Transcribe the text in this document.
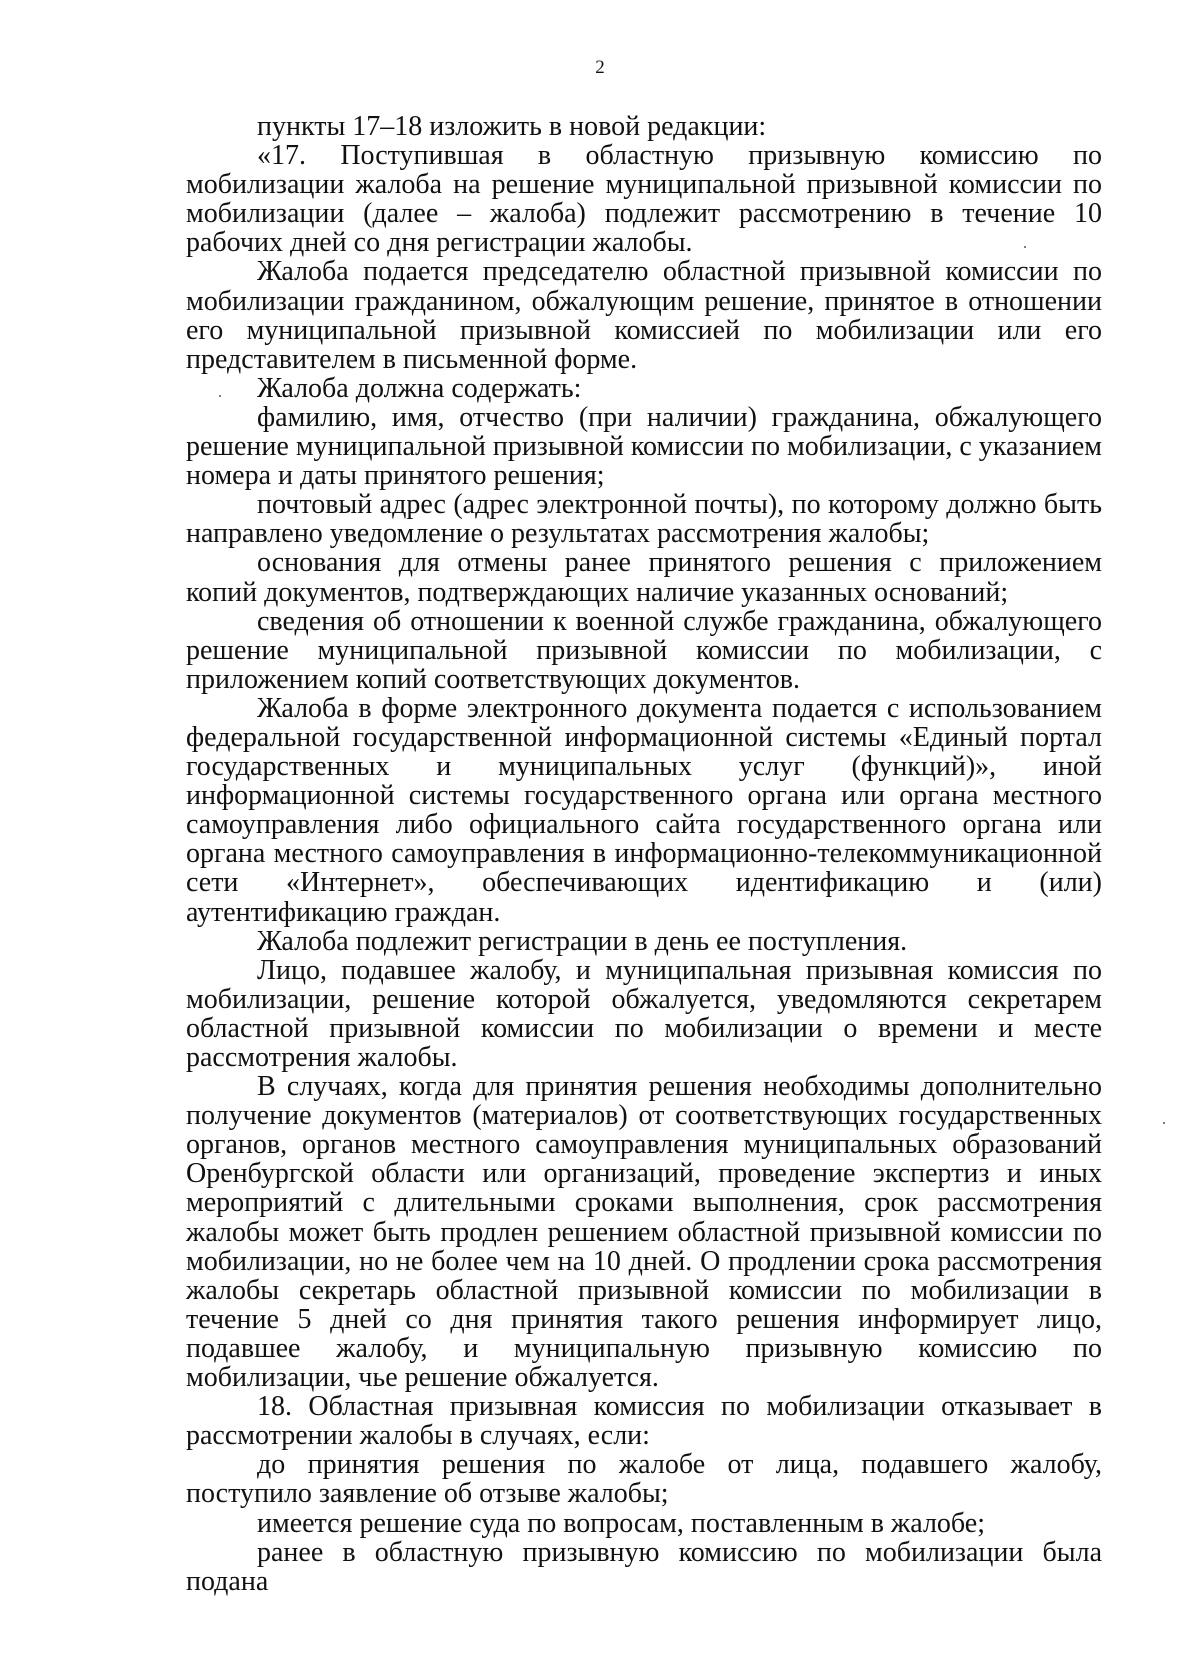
2

пункты 17–18 изложить в новой редакции:

«17. Поступившая в областную призывную комиссию по мобилизации жалоба на решение муниципальной призывной комиссии по мобилизации (далее – жалоба) подлежит рассмотрению в течение 10 рабочих дней со дня регистрации жалобы.

Жалоба подается председателю областной призывной комиссии по мобилизации гражданином, обжалующим решение, принятое в отношении его муниципальной призывной комиссией по мобилизации или его представителем в письменной форме.

Жалоба должна содержать:

фамилию, имя, отчество (при наличии) гражданина, обжалующего решение муниципальной призывной комиссии по мобилизации, с указанием номера и даты принятого решения;

почтовый адрес (адрес электронной почты), по которому должно быть направлено уведомление о результатах рассмотрения жалобы;

основания для отмены ранее принятого решения с приложением копий документов, подтверждающих наличие указанных оснований;

сведения об отношении к военной службе гражданина, обжалующего решение муниципальной призывной комиссии по мобилизации, с приложением копий соответствующих документов.

Жалоба в форме электронного документа подается с использованием федеральной государственной информационной системы «Единый портал государственных и муниципальных услуг (функций)», иной информационной системы государственного органа или органа местного самоуправления либо официального сайта государственного органа или органа местного самоуправления в информационно-телекоммуникационной сети «Интернет», обеспечивающих идентификацию и (или) аутентификацию граждан.

Жалоба подлежит регистрации в день ее поступления.

Лицо, подавшее жалобу, и муниципальная призывная комиссия по мобилизации, решение которой обжалуется, уведомляются секретарем областной призывной комиссии по мобилизации о времени и месте рассмотрения жалобы.

В случаях, когда для принятия решения необходимы дополнительно получение документов (материалов) от соответствующих государственных органов, органов местного самоуправления муниципальных образований Оренбургской области или организаций, проведение экспертиз и иных мероприятий с длительными сроками выполнения, срок рассмотрения жалобы может быть продлен решением областной призывной комиссии по мобилизации, но не более чем на 10 дней. О продлении срока рассмотрения жалобы секретарь областной призывной комиссии по мобилизации в течение 5 дней со дня принятия такого решения информирует лицо, подавшее жалобу, и муниципальную призывную комиссию по мобилизации, чье решение обжалуется.

18. Областная призывная комиссия по мобилизации отказывает в рассмотрении жалобы в случаях, если:

до принятия решения по жалобе от лица, подавшего жалобу, поступило заявление об отзыве жалобы;

имеется решение суда по вопросам, поставленным в жалобе;

ранее в областную призывную комиссию по мобилизации была подана
